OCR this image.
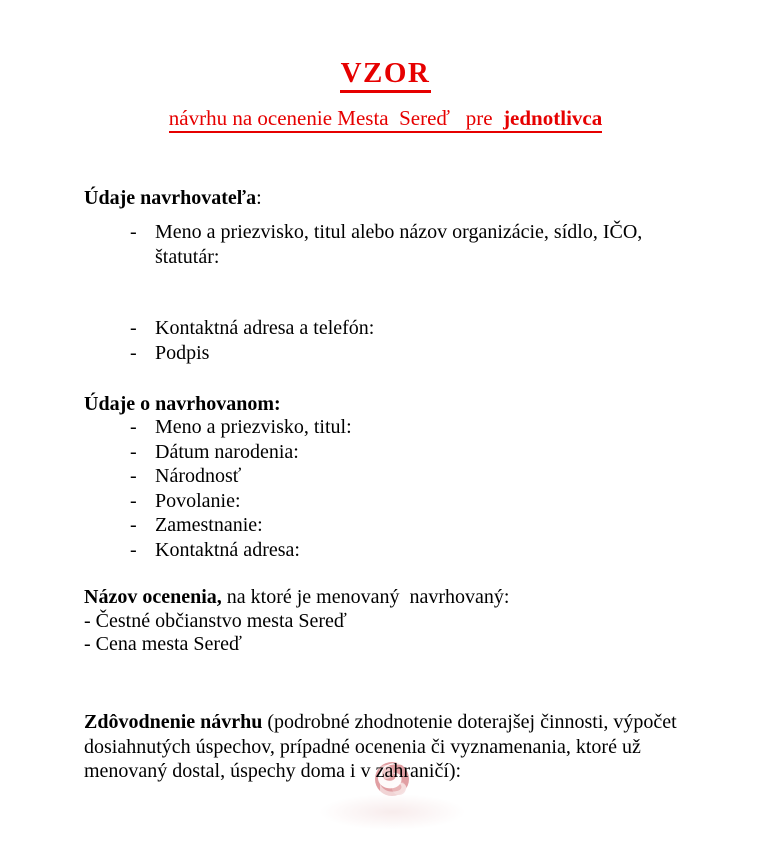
VZOR
návrhu na ocenenie Mesta  Sereď   pre  jednotlivca
Údaje navrhovateľa:
- Meno a priezvisko, titul alebo názov organizácie, sídlo, IČO, štatutár:
- Kontaktná adresa a telefón:
- Podpis
Údaje o navrhovanom:
- Meno a priezvisko, titul:
- Dátum narodenia:
- Národnosť
- Povolanie:
- Zamestnanie:
- Kontaktná adresa:
Názov ocenenia, na ktoré je menovaný  navrhovaný:
- Čestné občianstvo mesta Sereď
- Cena mesta Sereď
Zdôvodnenie návrhu (podrobné zhodnotenie doterajšej činnosti, výpočet dosiahnutých úspechov, prípadné ocenenia či vyznamenania, ktoré už menovaný dostal, úspechy doma i v zahraničí):
